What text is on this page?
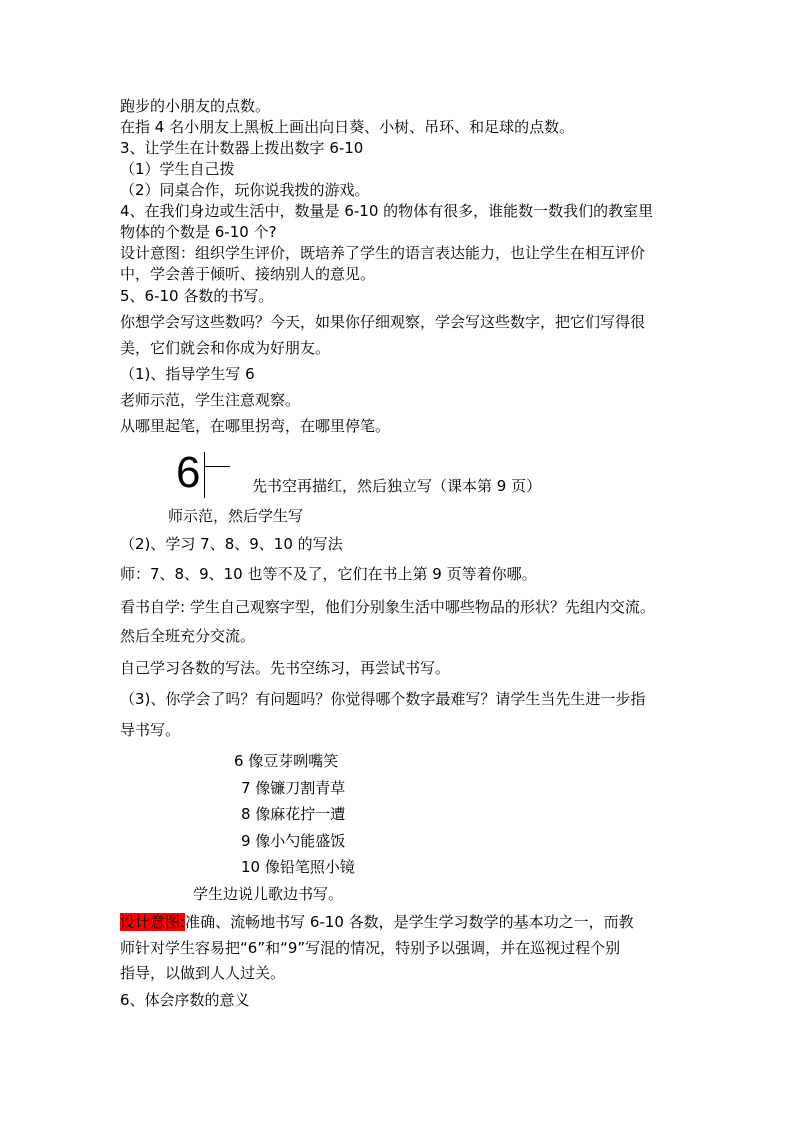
跑步的小朋友的点数。
在指 4 名小朋友上黑板上画出向日葵、小树、吊环、和足球的点数。
3、让学生在计数器上拨出数字 6-10
（1）学生自己拨
（2）同桌合作，玩你说我拨的游戏。
4、在我们身边或生活中，数量是 6-10 的物体有很多，谁能数一数我们的教室里
物体的个数是 6-10 个?
设计意图：组织学生评价，既培养了学生的语言表达能力，也让学生在相互评价
中，学会善于倾听、接纳别人的意见。
5、6-10 各数的书写。
你想学会写这些数吗？今天，如果你仔细观察，学会写这些数字，把它们写得很
美，它们就会和你成为好朋友。
（1)、指导学生写 6
老师示范，学生注意观察。
从哪里起笔，在哪里拐弯，在哪里停笔。
6	先书空再描红，然后独立写（课本第 9 页）
师示范，然后学生写
（2)、学习 7、8、9、10 的写法
师：7、8、9、10 也等不及了，它们在书上第 9 页等着你哪。
看书自学: 学生自己观察字型，他们分别象生活中哪些物品的形状？先组内交流。
然后全班充分交流。
自己学习各数的写法。先书空练习，再尝试书写。
（3)、你学会了吗？有问题吗？你觉得哪个数字最难写？请学生当先生进一步指
导书写。
6 像豆芽咧嘴笑
7 像镰刀割青草
8 像麻花拧一遭
9 像小勺能盛饭
10 像铅笔照小镜
学生边说儿歌边书写。
设计意图:准确、流畅地书写 6-10 各数，是学生学习数学的基本功之一，而教
师针对学生容易把“6”和“9”写混的情况，特别予以强调，并在巡视过程个别
指导，以做到人人过关。
6、体会序数的意义
